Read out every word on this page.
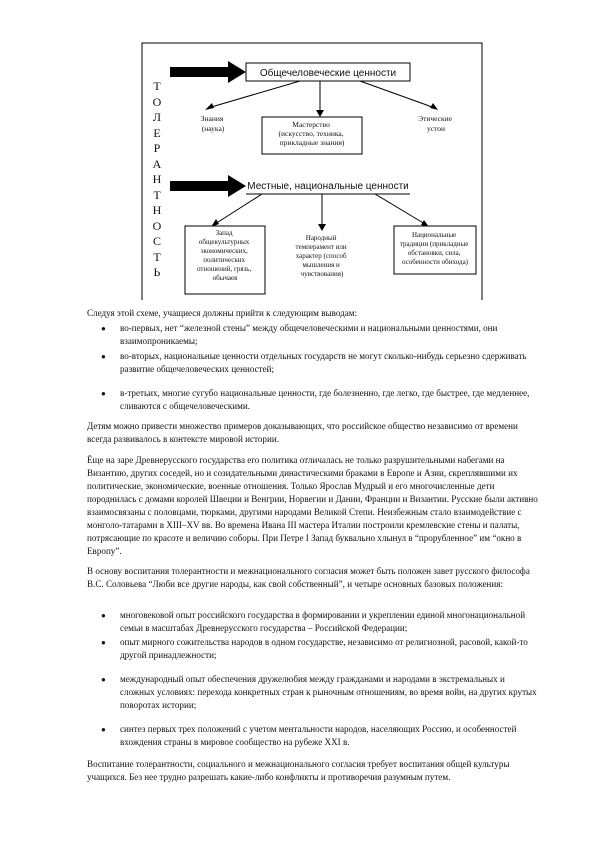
Общечеловеческие ценности
Знания (наука)	Мастерство (искусство, техника, прикладные знания)
Этические устои
Местные, национальные ценности
Запад общекультурных экономических, политических отношений, грязь, обычаев
Народный темперамент или характер (способ мышления и чувствования)
Национальные традиции (прикладные обстановки, сила, особенности обихода)
Т
О
Л
Е
Р
А
Н
Т
Н
О
С
Т
Ь

Следуя этой схеме, учащиеся должны прийти к следующим выводам:

● во-первых, нет “железной стены” между общечеловеческими и национальными ценностями, они взаимопроникаемы;
● во-вторых, национальные ценности отдельных государств не могут сколько-нибудь серьезно сдерживать развитие общечеловеческих ценностей;
● в-третьих, многие сугубо национальные ценности, где болезненно, где легко, где быстрее, где медленнее, сливаются с общечеловеческими.

Детям можно привести множество примеров доказывающих, что российское общество независимо от времени всегда развивалось в контексте мировой истории.

Ёще на заре Древнерусского государства его политика отличалась не только разрушительными набегами на Византию, других соседей, но и созидательными династическими браками в Европе и Азии, скреплявшими их политические, экономические, военные отношения. Только Ярослав Мудрый и его многочисленные дети породнилась с домами королей Швеции и Венгрии, Норвегии и Дании, Франции и Византии. Русские были активно взаимосвязаны с половцами, тюрками, другими народами Великой Степи. Неизбежным стало взаимодействие с монголо-татарами в XIII–XV вв. Во времена Ивана III мастера Италии построили кремлевские стены и палаты, потрясающие по красоте и величию соборы. При Петре I Запад буквально хлынул в “прорубленное” им “окно в Европу”.

В основу воспитания толерантности и межнационального согласия может быть положен завет русского философа В.С. Соловьева “Люби все другие народы, как свой собственный”, и четыре основных базовых положения:

● многовековой опыт российского государства в формировании и укреплении единой многонациональной семьи в масштабах Древнерусского государства – Российской Федерации;
● опыт мирного сожительства народов в одном государстве, независимо от религиозной, расовой, какой-то другой принадлежности;
● международный опыт обеспечения дружелюбия между гражданами и народами в экстремальных и сложных условиях: перехода конкретных стран к рыночным отношениям, во время войн, на других крутых поворотах истории;
● синтез первых трех положений с учетом ментальности народов, населяющих Россию, и особенностей вхождения страны в мировое сообщество на рубеже XXI в.

Воспитание толерантности, социального и межнационального согласия требует воспитания общей культуры учащихся. Без нее трудно разрешать какие-либо конфликты и противоречия разумным путем.
